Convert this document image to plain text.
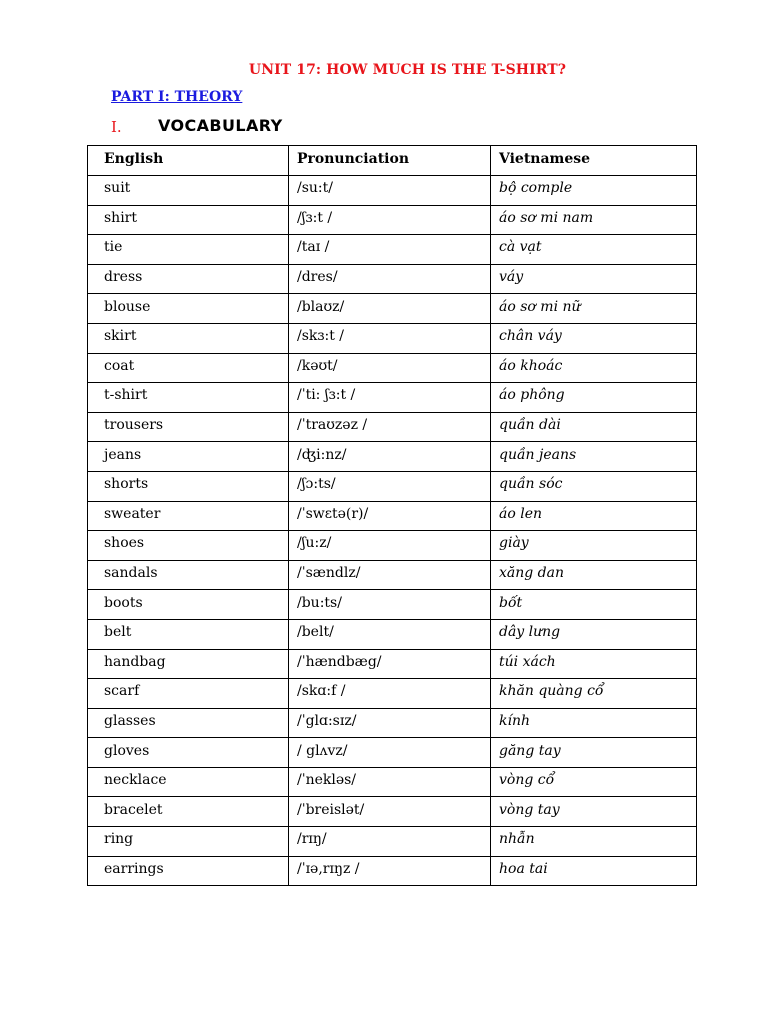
UNIT 17: HOW MUCH IS THE T-SHIRT?
PART I: THEORY
I. VOCABULARY
English	Pronunciation	Vietnamese
suit	/su:t/	bộ comple
shirt	/ʃɜ:t /	áo sơ mi nam
tie	/taɪ /	cà vạt
dress	/dres/	váy
blouse	/blaʊz/	áo sơ mi nữ
skirt	/skɜ:t /	chân váy
coat	/kəʊt/	áo khoác
t-shirt	/ˈti: ʃɜ:t /	áo phông
trousers	/ˈtraʊzəz /	quần dài
jeans	/ʤi:nz/	quần jeans
shorts	/ʃɔ:ts/	quần sóc
sweater	/ˈswɛtə(r)/	áo len
shoes	/ʃu:z/	giày
sandals	/ˈsændlz/	xăng dan
boots	/bu:ts/	bốt
belt	/belt/	dây lưng
handbag	/ˈhændbæg/	túi xách
scarf	/skɑ:f /	khăn quàng cổ
glasses	/ˈglɑ:sɪz/	kính
gloves	/ glʌvz/	găng tay
necklace	/ˈnekləs/	vòng cổ
bracelet	/ˈbreislət/	vòng tay
ring	/rɪŋ/	nhẫn
earrings	/ˈɪə,rɪŋz /	hoa tai
